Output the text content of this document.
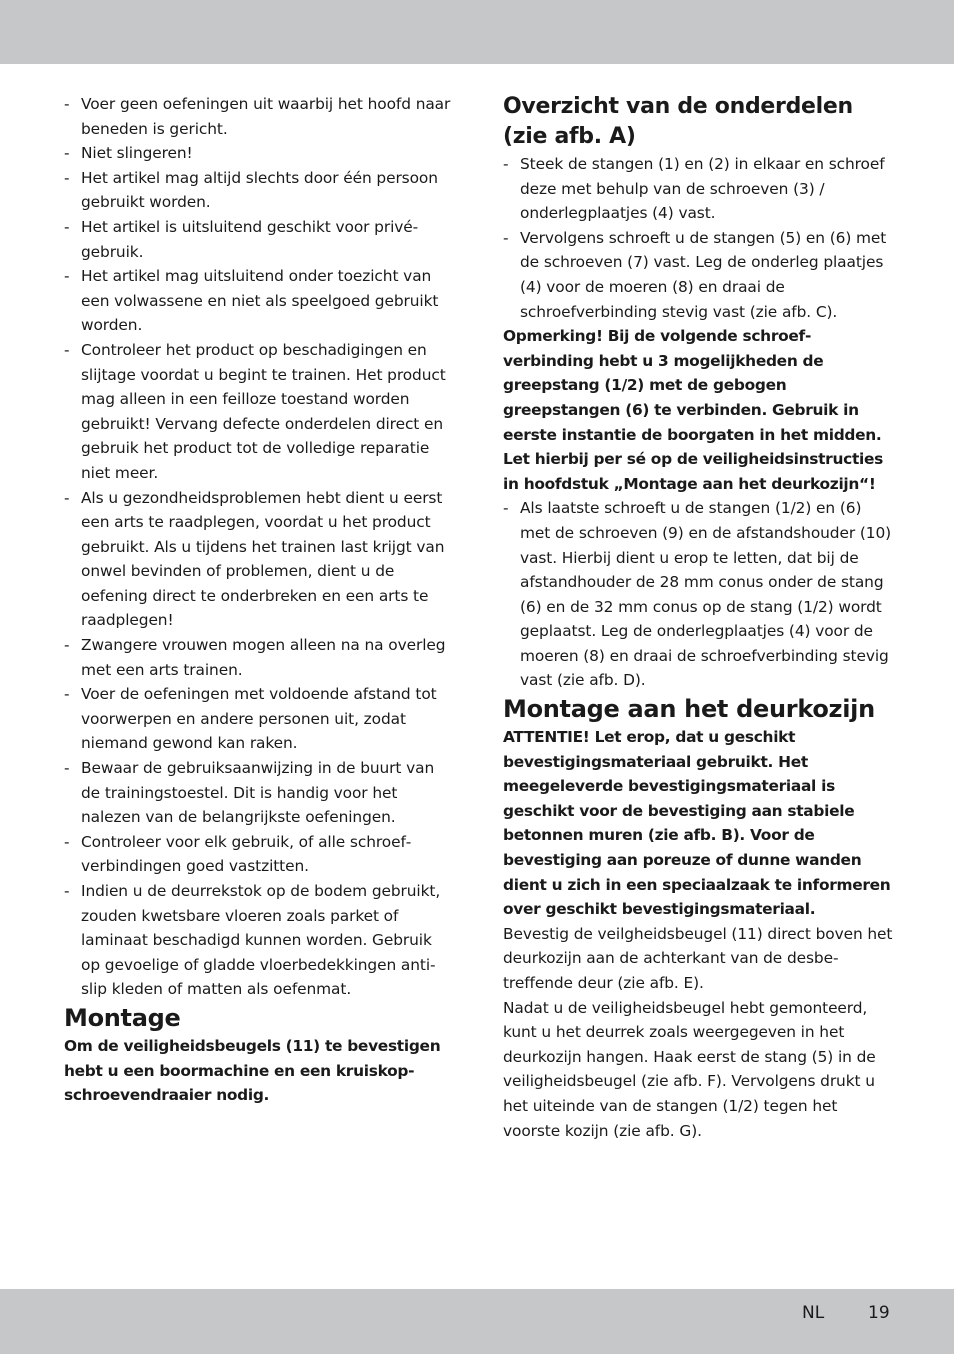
- Voer geen oefeningen uit waarbij het hoofd naar beneden is gericht.
- Niet slingeren!
- Het artikel mag altijd slechts door één persoon gebruikt worden.
- Het artikel is uitsluitend geschikt voor privégebruik.
- Het artikel mag uitsluitend onder toezicht van een volwassene en niet als speelgoed gebruikt worden.
- Controleer het product op beschadigingen en slijtage voordat u begint te trainen. Het product mag alleen in een feilloze toestand worden gebruikt! Vervang defecte onderdelen direct en gebruik het product tot de volledige reparatie niet meer.
- Als u gezondheidsproblemen hebt dient u eerst een arts te raadplegen, voordat u het product gebruikt. Als u tijdens het trainen last krijgt van onwel bevinden of problemen, dient u de oefening direct te onderbreken en een arts te raadplegen!
- Zwangere vrouwen mogen alleen na na overleg met een arts trainen.
- Voer de oefeningen met voldoende afstand tot voorwerpen en andere personen uit, zodat niemand gewond kan raken.
- Bewaar de gebruiksaanwijzing in de buurt van de trainingstoestel. Dit is handig voor het nalezen van de belangrijkste oefeningen.
- Controleer voor elk gebruik, of alle schroefverbindingen goed vastzitten.
- Indien u de deurrekstok op de bodem gebruikt, zouden kwetsbare vloeren zoals parket of laminaat beschadigd kunnen worden. Gebruik op gevoelige of gladde vloerbedekkingen antislip kleden of matten als oefenmat.
Montage

Om de veiligheidsbeugels (11) te bevestigen hebt u een boormachine en een kruiskop-schroevendraaier nodig.

Overzicht van de onderdelen (zie afb. A)
- Steek de stangen (1) en (2) in elkaar en schroef deze met behulp van de schroeven (3) / onderlegplaatjes (4) vast.
- Vervolgens schroeft u de stangen (5) en (6) met de schroeven (7) vast. Leg de onderleg plaatjes (4) voor de moeren (8) en draai de schroefverbinding stevig vast (zie afb. C).

Opmerking! Bij de volgende schroefverbinding hebt u 3 mogelijkheden de greepstang (1/2) met de gebogen greepstangen (6) te verbinden. Gebruik in eerste instantie de boorgaten in het midden. Let hierbij per sé op de veiligheidsinstructies in hoofdstuk „Montage aan het deurkozijn“!

- Als laatste schroeft u de stangen (1/2) en (6) met de schroeven (9) en de afstandshouder (10) vast. Hierbij dient u erop te letten, dat bij de afstandhouder de 28 mm conus onder de stang (6) en de 32 mm conus op de stang (1/2) wordt geplaatst. Leg de onderlegplaatjes (4) voor de moeren (8) en draai de schroefverbinding stevig vast (zie afb. D).
Montage aan het deurkozijn

ATTENTIE! Let erop, dat u geschikt bevestigingsmateriaal gebruikt. Het meegeleverde bevestigingsmateriaal is geschikt voor de bevestiging aan stabiele betonnen muren (zie afb. B). Voor de bevestiging aan poreuze of dunne wanden dient u zich in een speciaalzaak te informeren over geschikt bevestigingsmateriaal.

Bevestig de veilgheidsbeugel (11) direct boven het deurkozijn aan de achterkant van de desbetreffende deur (zie afb. E).

Nadat u de veiligheidsbeugel hebt gemonteerd, kunt u het deurrek zoals weergegeven in het deurkozijn hangen. Haak eerst de stang (5) in de veiligheidsbeugel (zie afb. F). Vervolgens drukt u het uiteinde van de stangen (1/2) tegen het voorste kozijn (zie afb. G).

NL	19
